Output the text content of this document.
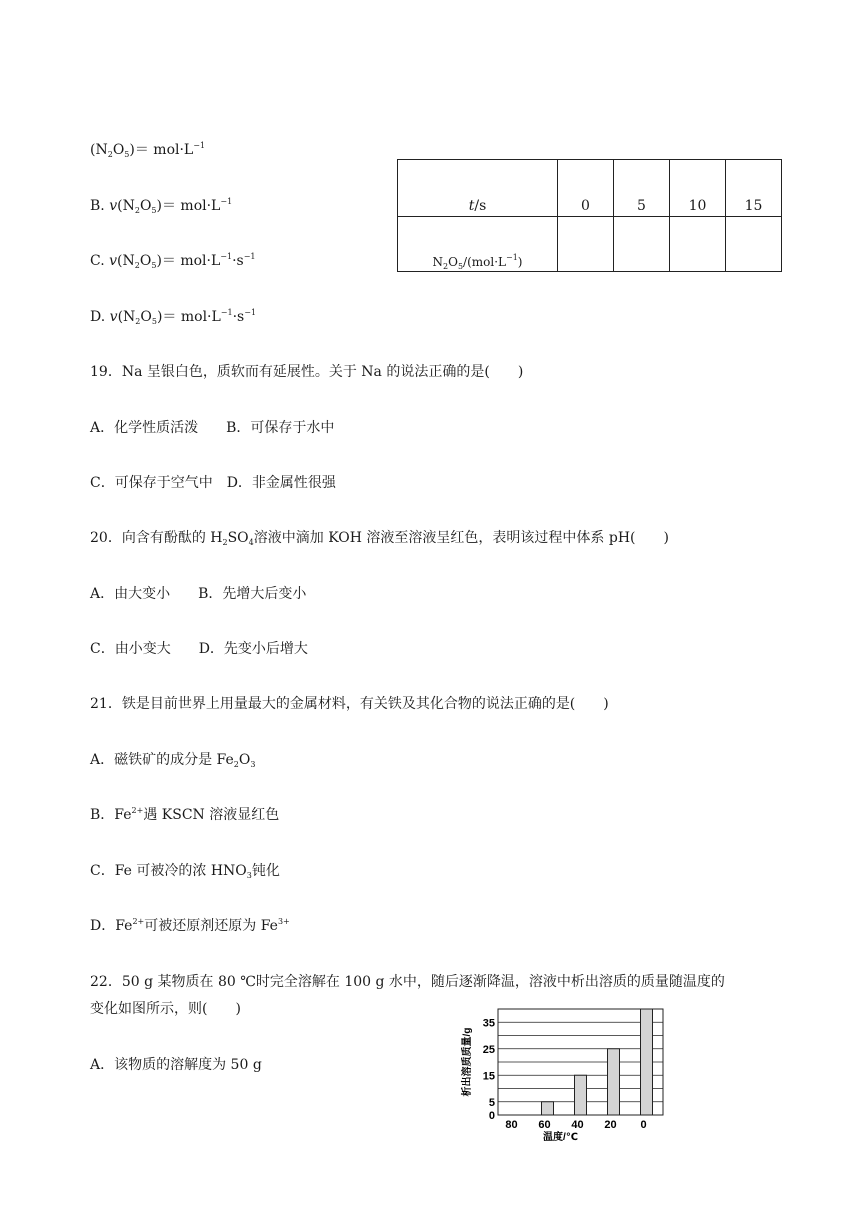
$(N_2O_5)= mol\cdot L^{-1}$
B. $v(N_2O_5)= mol\cdot L^{-1}$
C. $v(N_2O_5)= mol\cdot L^{-1}\cdot s^{-1}$
D. $v(N_2O_5)= mol\cdot L^{-1}\cdot s^{-1}$
t/s	0	5	10	15
$N_2O_5/(mol\cdot L^{-1})$				
19．Na 呈银白色，质软而有延展性。关于 Na 的说法正确的是(　　)
A．化学性质活泼　　B．可保存于水中
C．可保存于空气中　D．非金属性很强
20．向含有酚酞的 $H_2SO_4$溶液中滴加 KOH 溶液至溶液呈红色，表明该过程中体系 pH(　　)
A．由大变小　　B．先增大后变小
C．由小变大　　D．先变小后增大
21．铁是目前世界上用量最大的金属材料，有关铁及其化合物的说法正确的是(　　)
A．磁铁矿的成分是 $Fe_2O_3$
B．$Fe^{2+}$遇 KSCN 溶液显红色
C．Fe 可被冷的浓 $HNO_3$钝化
D．$Fe^{2+}$可被还原剂还原为 $Fe^{3+}$
22．50 g 某物质在 80 ℃时完全溶解在 100 g 水中，随后逐渐降温，溶液中析出溶质的质量随温度的
变化如图所示，则(　　)
A．该物质的溶解度为 50 g
0
5
15
25
35
80 60 40 20 0
析出溶质质量/g
温度/℃
